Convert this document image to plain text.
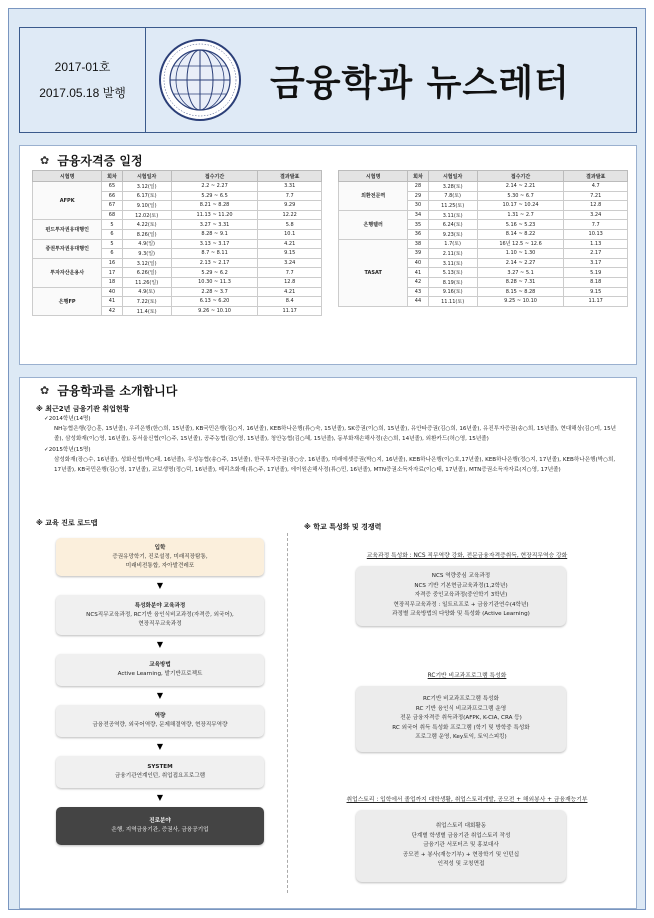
2017-01호
2017.05.18 발행	금융학과 뉴스레터
✿ 금융자격증 일정
시험명	회차	시험일자	접수기간	결과발표
AFPK	65	3.12(일)	2.2 ~ 2.27	3.31
	66	6.17(토)	5.29 ~ 6.5	7.7
	67	9.10(일)	8.21 ~ 8.28	9.29
	68	12.02(토)	11.13 ~ 11.20	12.22
펀드투자권유대행인	5	4.22(토)	3.27 ~ 3.31	5.8
	6	8.26(일)	8.28 ~ 9.1	10.1
증권투자권유대행인	5	4.9(일)	3.13 ~ 3.17	4.21
	6	9.3(일)	8.7 ~ 8.11	9.15
투자자산운용사	16	3.12(일)	2.13 ~ 2.17	3.24
	17	6.26(일)	5.29 ~ 6.2	7.7
	18	11.26(일)	10.30 ~ 11.3	12.8
은행FP	40	4.9(토)	2.28 ~ 3.7	4.21
	41	7.22(토)	6.13 ~ 6.20	8.4
	42	11.4(토)	9.26 ~ 10.10	11.17
시험명	회차	시험일자	접수기간	결과발표
외환전문역	28	3.28(토)	2.14 ~ 2.21	4.7
	29	7.8(토)	5.30 ~ 6.7	7.21
	30	11.25(토)	10.17 ~ 10.24	12.8
은행텔러	34	3.11(토)	1.31 ~ 2.7	3.24
	35	6.24(토)	5.16 ~ 5.23	7.7
	36	9.23(토)	8.14 ~ 8.22	10.13
TASAT	38	1.7(토)	16년 12.5 ~ 12.6	1.13
	39	2.11(토)	1.10 ~ 1.30	2.17
	40	3.11(토)	2.14 ~ 2.27	3.17
	41	5.13(토)	3.27 ~ 5.1	5.19
	42	8.19(토)	8.28 ~ 7.31	8.18
	43	9.16(토)	8.15 ~ 8.28	9.15
	44	11.11(토)	9.25 ~ 10.10	11.17
✿ 금융학과를 소개합니다
※ 최근2년 금융기관 취업현황
✓2014학년(14명)
NH농협은행(강○훈, 15년졸), 우리은행(한○희, 15년졸), KB국민은행(김○지, 16년졸), KEB하나은행(류○숙, 15년졸), SK증권(이○희, 15년졸), 유안타증권(김○희, 16년졸), 유진투자증권(송○희, 15년졸), 현대해상(김○미, 15년졸), 삼성화재(이○영, 16년졸), 동서울신협(이○주, 15년졸), 공주농협(김○영, 15년졸), 청안농협(김○혜, 15년졸), 동부화재손해사정(손○희, 14년졸), 외환카드(허○영, 15년졸)
✓2015학년(15명)
삼성화재(장○수, 16년졸), 성화신협(박○태, 16년졸), 우성농협(송○주, 15년졸), 한국투자증권(장○승, 16년졸), 미래에셋증권(박○지, 16년졸), KEB하나은행(이○호,17년졸), KEB하나은행(정○지, 17년졸), KEB하나은행(박○희, 17년졸), KB국민은행(김○영, 17년졸), 교보생명(정○덕, 16년졸), 메리츠화재(류○주, 17년졸), 에이원손해사정(류○민, 16년졸), MTN증권소득자자료(이○태, 17년졸), MTN증권소득자자료(지○영, 17년졸)
※ 교육 진로 로드맵
입학
증권유망학기, 진로설정, 미래직장탐통,
미래비전통합, 자아발견레포
▼
특성화분야 교육과정
NCS직무교육과정, RC기반 융인식비교과정(자격증, 외국어),
현장직무교육과정
▼
교육방법
Active Learning, 발기반프로젝트
▼
역량
금융전공역량, 외국어역량, 문제해결역량, 현장직무역량
▼
SYSTEM
금융기관연계인턴, 취업접요프로그램
▼
진로분야
은행, 지역금융기관, 증권사, 금융공기업
※ 학교 특성화 및 경쟁력
교육과정 특성화 : NCS 직무역량 강화, 전문금융자격증취득, 현장직무역승 강화
NCS 역량중심 교육과정
NCS 기반 기본현금교육과정(1,2학년)
자격증 중인교육과정(중인학기 3학년)
현장직무교육과정 : 일트르프로 + 금융기관연수(4학년)
과정별 교육방법의 다양화 및 특성화 (Active Learning)
RC기반 비교과프로그램 특성화
RC기반 비교과프로그램 특성화
RC 기반 융인식 비교과프로그램 운영
전문 금융자격증 취득과정(AFPK, K-CIA, CRA 등)
RC 외국어 취득 특성화 프로그램 (학기 및 방학중 특성화
프로그램 운영, Key토익, 토익스피킹)
취업스토리 : 입학에서 졸업까지 대학생활, 취업스토리개발, 공모전 + 해외봉사 + 금융재능기부
취업스토리 대회활동
단계별 학생별 금융기관 취업스토리 작성
금융기관 서포터즈 및 홍보대사
공모전 + 봉사(재능기부) + 현장학기 및 인턴십
인적성 및 코칭면접
